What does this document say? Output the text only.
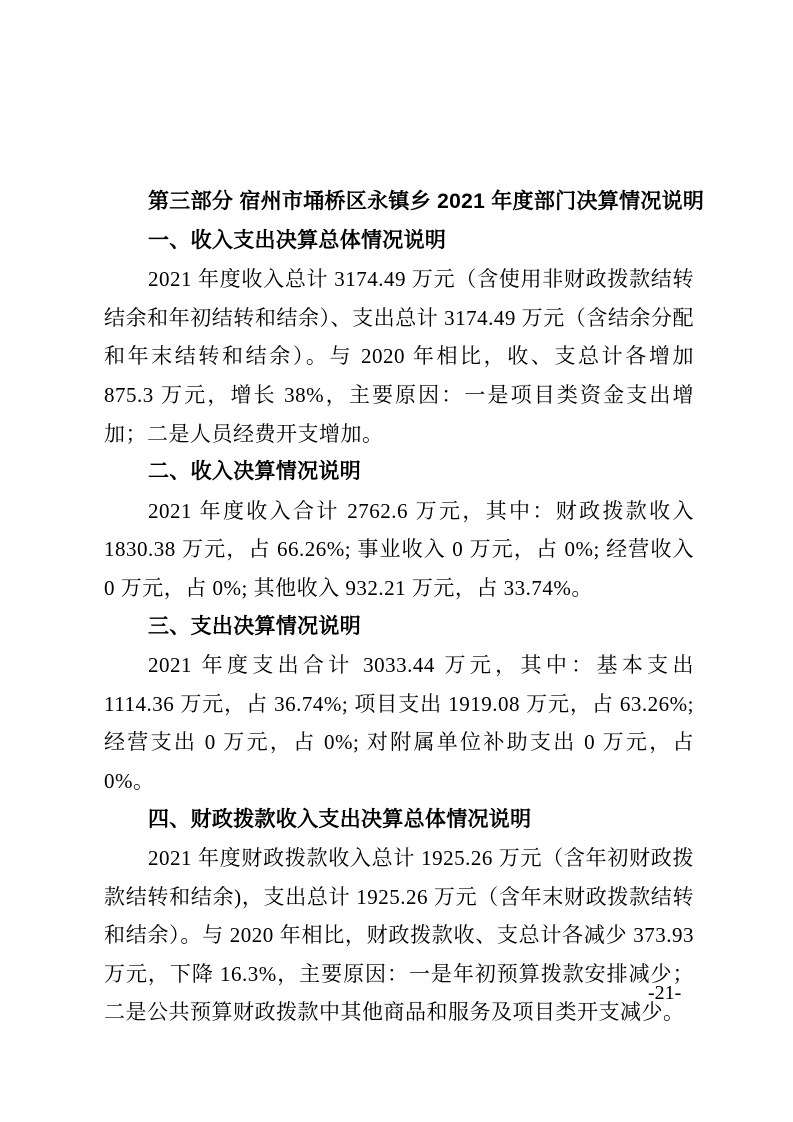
第三部分 宿州市埇桥区永镇乡 2021 年度部门决算情况说明
一、收入支出决算总体情况说明

2021 年度收入总计 3174.49 万元（含使用非财政拨款结转结余和年初结转和结余）、支出总计 3174.49 万元（含结余分配和年末结转和结余）。与 2020 年相比，收、支总计各增加 875.3 万元，增长 38%，主要原因：一是项目类资金支出增加；二是人员经费开支增加。

二、收入决算情况说明

2021 年度收入合计 2762.6 万元，其中：财政拨款收入 1830.38 万元，占 66.26%; 事业收入 0 万元，占 0%; 经营收入 0 万元，占 0%; 其他收入 932.21 万元，占 33.74%。

三、支出决算情况说明

2021 年度支出合计 3033.44 万元，其中：基本支出 1114.36 万元，占 36.74%; 项目支出 1919.08 万元，占 63.26%; 经营支出 0 万元，占 0%; 对附属单位补助支出 0 万元，占 0%。

四、财政拨款收入支出决算总体情况说明

2021 年度财政拨款收入总计 1925.26 万元（含年初财政拨款结转和结余)，支出总计 1925.26 万元（含年末财政拨款结转和结余）。与 2020 年相比，财政拨款收、支总计各减少 373.93 万元，下降 16.3%，主要原因：一是年初预算拨款安排减少；二是公共预算财政拨款中其他商品和服务及项目类开支减少。

-21-
